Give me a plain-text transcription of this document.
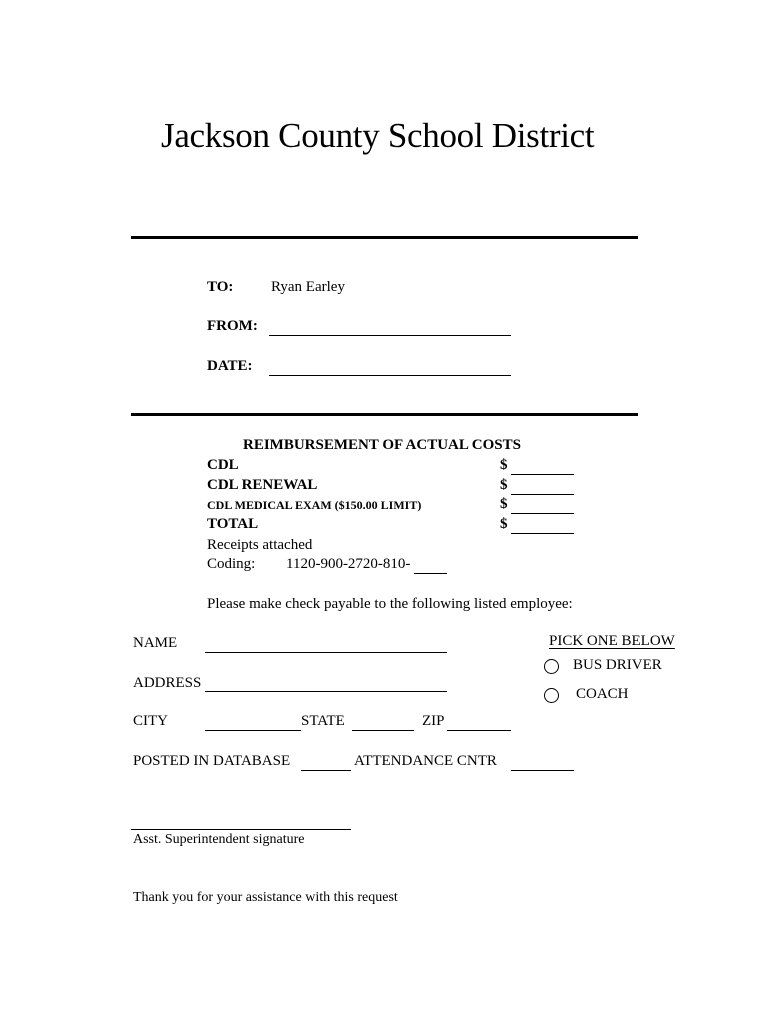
Jackson County School District
TO:	Ryan Earley
FROM:
DATE:
REIMBURSEMENT OF ACTUAL COSTS
CDL	$
CDL RENEWAL	$
CDL MEDICAL EXAM ($150.00 LIMIT)	$
TOTAL	$
Receipts attached
Coding: 1120-900-2720-810-
Please make check payable to the following listed employee:
NAME
ADDRESS
CITY	STATE	ZIP
POSTED IN DATABASE	ATTENDANCE CNTR
PICK ONE BELOW
BUS DRIVER
COACH
Asst. Superintendent signature
Thank you for your assistance with this request
